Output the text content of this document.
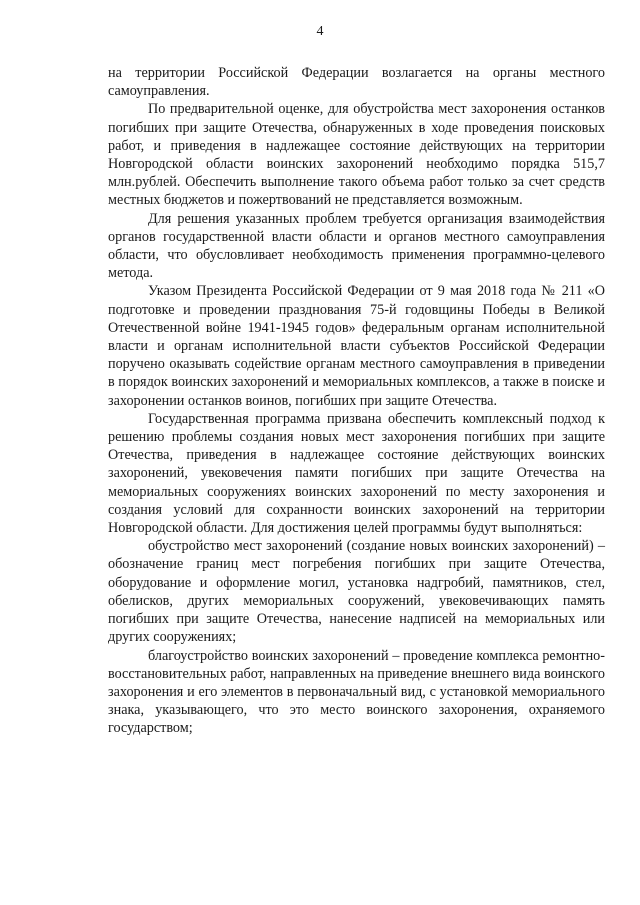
4

на территории Российской Федерации возлагается на органы местного самоуправления.

По предварительной оценке, для обустройства мест захоронения останков погибших при защите Отечества, обнаруженных в ходе проведения поисковых работ, и приведения в надлежащее состояние действующих на территории Новгородской области воинских захоронений необходимо порядка 515,7 млн.рублей. Обеспечить выполнение такого объема работ только за счет средств местных бюджетов и пожертвований не представляется возможным.

Для решения указанных проблем требуется организация взаимодействия органов государственной власти области и органов местного самоуправления области, что обусловливает необходимость применения программно-целевого метода.

Указом Президента Российской Федерации от 9 мая 2018 года № 211 «О подготовке и проведении празднования 75-й годовщины Победы в Великой Отечественной войне 1941-1945 годов» федеральным органам исполнительной власти и органам исполнительной власти субъектов Российской Федерации поручено оказывать содействие органам местного самоуправления в приведении в порядок воинских захоронений и мемориальных комплексов, а также в поиске и захоронении останков воинов, погибших при защите Отечества.

Государственная программа призвана обеспечить комплексный подход к решению проблемы создания новых мест захоронения погибших при защите Отечества, приведения в надлежащее состояние действующих воинских захоронений, увековечения памяти погибших при защите Отечества на мемориальных сооружениях воинских захоронений по месту захоронения и создания условий для сохранности воинских захоронений на территории Новгородской области. Для достижения целей программы будут выполняться:

обустройство мест захоронений (создание новых воинских захоронений) – обозначение границ мест погребения погибших при защите Отечества, оборудование и оформление могил, установка надгробий, памятников, стел, обелисков, других мемориальных сооружений, увековечивающих память погибших при защите Отечества, нанесение надписей на мемориальных или других сооружениях;

благоустройство воинских захоронений – проведение комплекса ремонтно-восстановительных работ, направленных на приведение внешнего вида воинского захоронения и его элементов в первоначальный вид, с установкой мемориального знака, указывающего, что это место воинского захоронения, охраняемого государством;
